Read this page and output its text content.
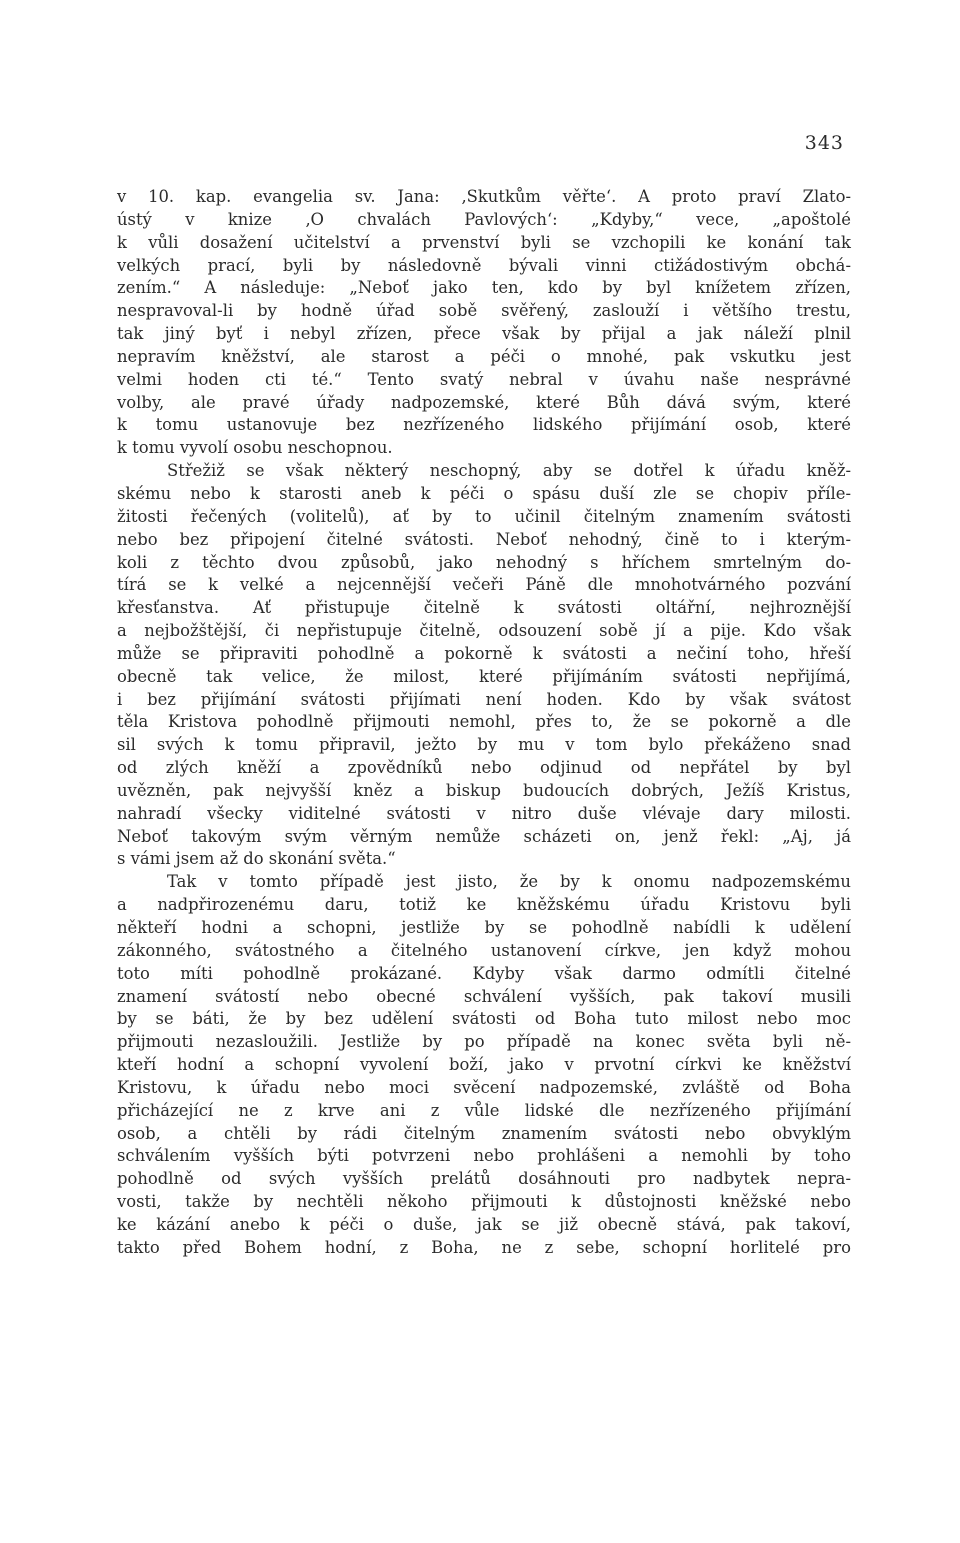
343
v 10. kap. evangelia sv. Jana: ‚Skutkům věřte‘. A proto praví Zlato-
ústý v knize ‚O chvalách Pavlových‘: „Kdyby,“ vece, „apoštolé
k vůli dosažení učitelství a prvenství byli se vzchopili ke konání tak
velkých prací, byli by následovně bývali vinni ctižádostivým obchá-
zením.“ A následuje: „Neboť jako ten, kdo by byl knížetem zřízen,
nespravoval-li by hodně úřad sobě svěřený, zaslouží i většího trestu,
tak jiný byť i nebyl zřízen, přece však by přijal a jak náleží plnil
nepravím kněžství, ale starost a péči o mnohé, pak vskutku jest
velmi hoden cti té.“ Tento svatý nebral v úvahu naše nesprávné
volby, ale pravé úřady nadpozemské, které Bůh dává svým, které
k tomu ustanovuje bez nezřízeného lidského přijímání osob, které
k tomu vyvolí osobu neschopnou.
Střežiž se však některý neschopný, aby se dotřel k úřadu kněž-
skému nebo k starosti aneb k péči o spásu duší zle se chopiv příle-
žitosti řečených (volitelů), ať by to učinil čitelným znamením svátosti
nebo bez připojení čitelné svátosti. Neboť nehodný, čině to i kterým-
koli z těchto dvou způsobů, jako nehodný s hříchem smrtelným do-
tírá se k velké a nejcennější večeři Páně dle mnohotvárného pozvání
křesťanstva. Ať přistupuje čitelně k svátosti oltářní, nejhroznější
a nejbožštější, či nepřistupuje čitelně, odsouzení sobě jí a pije. Kdo však
může se připraviti pohodlně a pokorně k svátosti a nečiní toho, hřeší
obecně tak velice, že milost, které přijímáním svátosti nepřijímá,
i bez přijímání svátosti přijímati není hoden. Kdo by však svátost
těla Kristova pohodlně přijmouti nemohl, přes to, že se pokorně a dle
sil svých k tomu připravil, ježto by mu v tom bylo překáženo snad
od zlých kněží a zpovědníků nebo odjinud od nepřátel by byl
uvězněn, pak nejvyšší kněz a biskup budoucích dobrých, Ježíš Kristus,
nahradí všecky viditelné svátosti v nitro duše vlévaje dary milosti.
Neboť takovým svým věrným nemůže scházeti on, jenž řekl: „Aj, já
s vámi jsem až do skonání světa.“
Tak v tomto případě jest jisto, že by k onomu nadpozemskému
a nadpřirozenému daru, totiž ke kněžskému úřadu Kristovu byli
někteří hodni a schopni, jestliže by se pohodlně nabídli k udělení
zákonného, svátostného a čitelného ustanovení církve, jen když mohou
toto míti pohodlně prokázané. Kdyby však darmo odmítli čitelné
znamení svátostí nebo obecné schválení vyšších, pak takoví musili
by se báti, že by bez udělení svátosti od Boha tuto milost nebo moc
přijmouti nezasloužili. Jestliže by po případě na konec světa byli ně-
kteří hodní a schopní vyvolení boží, jako v prvotní církvi ke kněžství
Kristovu, k úřadu nebo moci svěcení nadpozemské, zvláště od Boha
přicházející ne z krve ani z vůle lidské dle nezřízeného přijímání
osob, a chtěli by rádi čitelným znamením svátosti nebo obvyklým
schválením vyšších býti potvrzeni nebo prohlášeni a nemohli by toho
pohodlně od svých vyšších prelátů dosáhnouti pro nadbytek nepra-
vosti, takže by nechtěli někoho přijmouti k důstojnosti kněžské nebo
ke kázání anebo k péči o duše, jak se již obecně stává, pak takoví,
takto před Bohem hodní, z Boha, ne z sebe, schopní horlitelé pro
